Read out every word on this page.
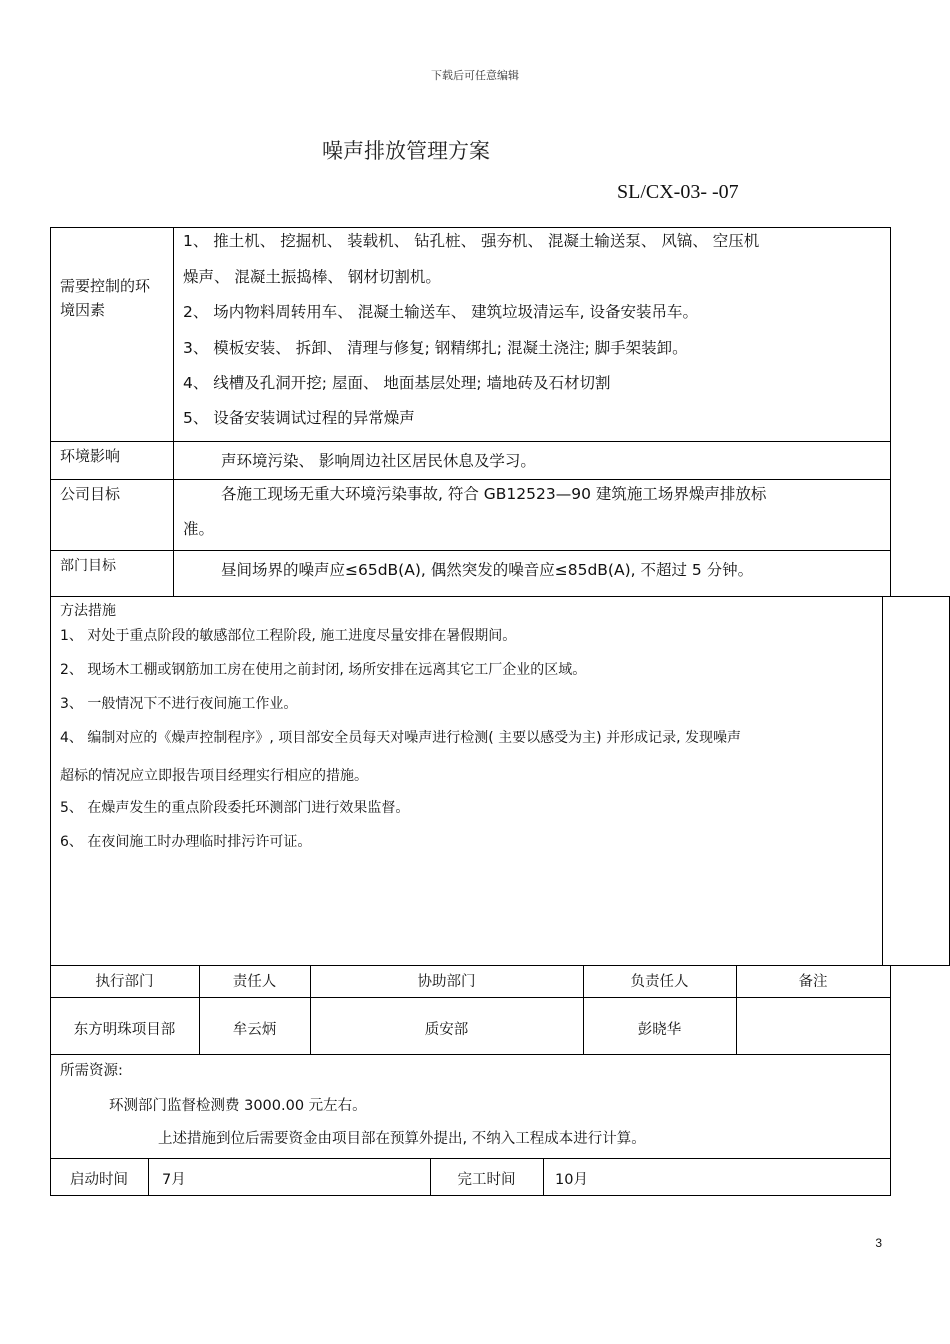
下载后可任意编辑
噪声排放管理方案
SL/CX-03- -07
需要控制的环境因素
1、 推土机、 挖掘机、 装载机、 钻孔桩、 强夯机、 混凝土输送泵、 风镐、 空压机
燥声、 混凝土振捣棒、 钢材切割机。
2、 场内物料周转用车、 混凝土输送车、 建筑垃圾清运车, 设备安装吊车。
3、 模板安装、 拆卸、 清理与修复; 钢精绑扎; 混凝土浇注; 脚手架装卸。
4、 线槽及孔洞开挖; 屋面、 地面基层处理; 墙地砖及石材切割
5、 设备安装调试过程的异常燥声
环境影响	声环境污染、 影响周边社区居民休息及学习。
公司目标	各施工现场无重大环境污染事故, 符合 GB12523—90 建筑施工场界燥声排放标
准。
部门目标	昼间场界的噪声应≤65dB(A), 偶然突发的噪音应≤85dB(A), 不超过 5 分钟。
方法措施
1、 对处于重点阶段的敏感部位工程阶段, 施工进度尽量安排在暑假期间。
2、 现场木工棚或钢筋加工房在使用之前封闭, 场所安排在远离其它工厂企业的区域。
3、 一般情况下不进行夜间施工作业。
4、 编制对应的《燥声控制程序》, 项目部安全员每天对噪声进行检测( 主要以感受为主) 并形成记录, 发现噪声
超标的情况应立即报告项目经理实行相应的措施。
5、 在燥声发生的重点阶段委托环测部门进行效果监督。
6、 在夜间施工时办理临时排污许可证。
执行部门	责任人	协助部门	负责任人	备注
东方明珠项目部	牟云炳	质安部	彭晓华
所需资源:
环测部门监督检测费 3000.00 元左右。
上述措施到位后需要资金由项目部在预算外提出, 不纳入工程成本进行计算。
启动时间	7月	完工时间	10月
3
